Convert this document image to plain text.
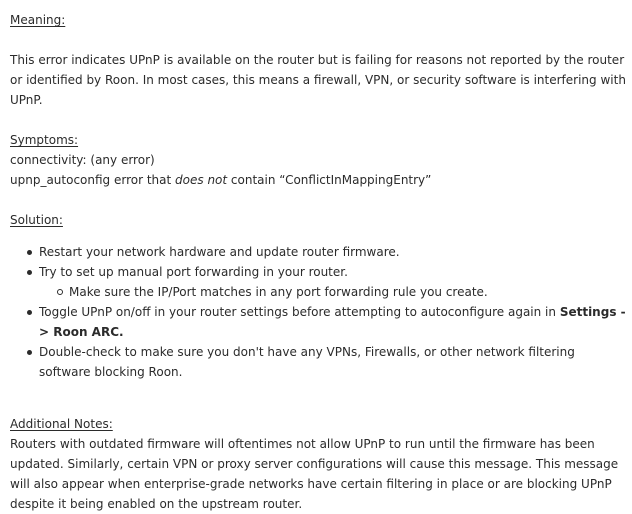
Meaning:

This error indicates UPnP is available on the router but is failing for reasons not reported by the router or identified by Roon. In most cases, this means a firewall, VPN, or security software is interfering with UPnP.

Symptoms:

connectivity: (any error)

upnp_autoconfig error that does not contain “ConflictInMappingEntry”

Solution:

Restart your network hardware and update router firmware.
Try to set up manual port forwarding in your router.
Make sure the IP/Port matches in any port forwarding rule you create.
Toggle UPnP on/off in your router settings before attempting to autoconfigure again in Settings -> Roon ARC.
Double-check to make sure you don't have any VPNs, Firewalls, or other network filtering software blocking Roon.

Additional Notes:

Routers with outdated firmware will oftentimes not allow UPnP to run until the firmware has been updated. Similarly, certain VPN or proxy server configurations will cause this message. This message will also appear when enterprise-grade networks have certain filtering in place or are blocking UPnP despite it being enabled on the upstream router.
